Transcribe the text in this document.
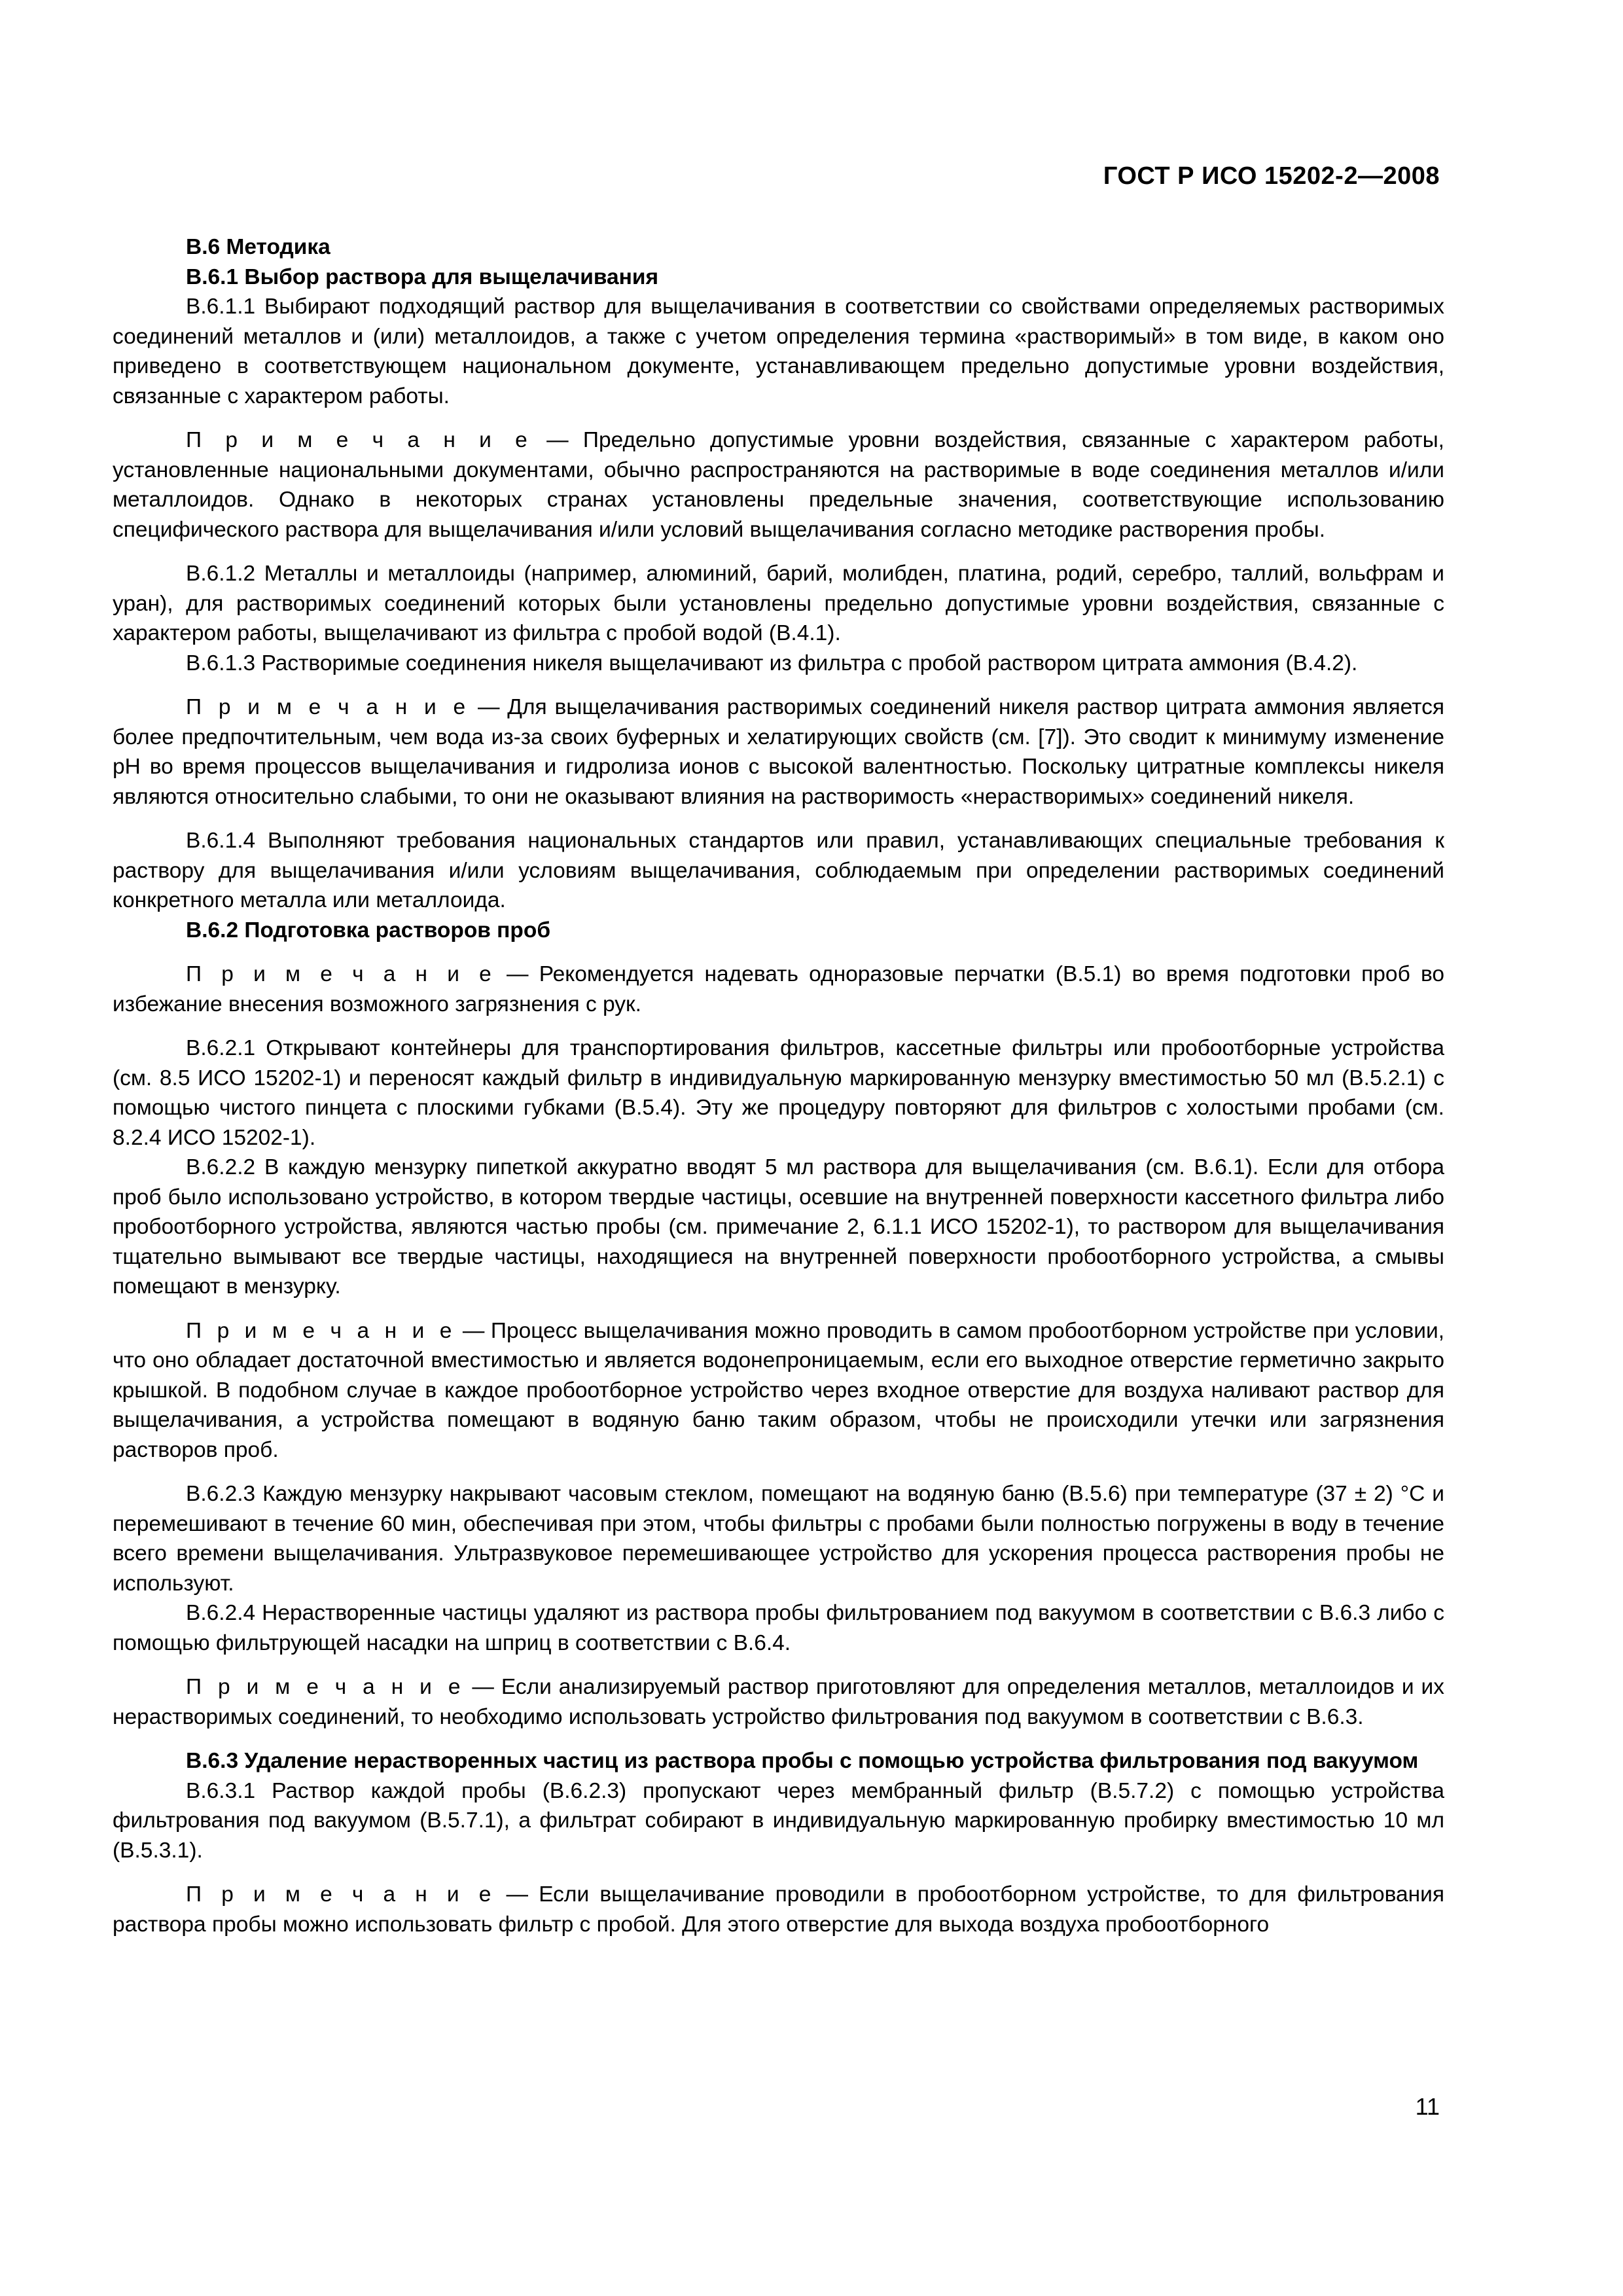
ГОСТ Р ИСО 15202-2—2008

B.6 Методика

B.6.1 Выбор раствора для выщелачивания

B.6.1.1 Выбирают подходящий раствор для выщелачивания в соответствии со свойствами определяемых растворимых соединений металлов и (или) металлоидов, а также с учетом определения термина «растворимый» в том виде, в каком оно приведено в соответствующем национальном документе, устанавливающем предельно допустимые уровни воздействия, связанные с характером работы.

П р и м е ч а н и е — Предельно допустимые уровни воздействия, связанные с характером работы, установленные национальными документами, обычно распространяются на растворимые в воде соединения металлов и/или металлоидов. Однако в некоторых странах установлены предельные значения, соответствующие использованию специфического раствора для выщелачивания и/или условий выщелачивания согласно методике растворения пробы.

B.6.1.2 Металлы и металлоиды (например, алюминий, барий, молибден, платина, родий, серебро, таллий, вольфрам и уран), для растворимых соединений которых были установлены предельно допустимые уровни воздействия, связанные с характером работы, выщелачивают из фильтра с пробой водой (B.4.1).

B.6.1.3 Растворимые соединения никеля выщелачивают из фильтра с пробой раствором цитрата аммония (B.4.2).

П р и м е ч а н и е — Для выщелачивания растворимых соединений никеля раствор цитрата аммония является более предпочтительным, чем вода из-за своих буферных и хелатирующих свойств (см. [7]). Это сводит к минимуму изменение pH во время процессов выщелачивания и гидролиза ионов с высокой валентностью. Поскольку цитратные комплексы никеля являются относительно слабыми, то они не оказывают влияния на растворимость «нерастворимых» соединений никеля.

B.6.1.4 Выполняют требования национальных стандартов или правил, устанавливающих специальные требования к раствору для выщелачивания и/или условиям выщелачивания, соблюдаемым при определении растворимых соединений конкретного металла или металлоида.

B.6.2 Подготовка растворов проб

П р и м е ч а н и е — Рекомендуется надевать одноразовые перчатки (B.5.1) во время подготовки проб во избежание внесения возможного загрязнения с рук.

B.6.2.1 Открывают контейнеры для транспортирования фильтров, кассетные фильтры или пробоотборные устройства (см. 8.5 ИСО 15202-1) и переносят каждый фильтр в индивидуальную маркированную мензурку вместимостью 50 мл (B.5.2.1) с помощью чистого пинцета с плоскими губками (B.5.4). Эту же процедуру повторяют для фильтров с холостыми пробами (см. 8.2.4 ИСО 15202-1).

B.6.2.2 В каждую мензурку пипеткой аккуратно вводят 5 мл раствора для выщелачивания (см. B.6.1). Если для отбора проб было использовано устройство, в котором твердые частицы, осевшие на внутренней поверхности кассетного фильтра либо пробоотборного устройства, являются частью пробы (см. примечание 2, 6.1.1 ИСО 15202-1), то раствором для выщелачивания тщательно вымывают все твердые частицы, находящиеся на внутренней поверхности пробоотборного устройства, а смывы помещают в мензурку.

П р и м е ч а н и е — Процесс выщелачивания можно проводить в самом пробоотборном устройстве при условии, что оно обладает достаточной вместимостью и является водонепроницаемым, если его выходное отверстие герметично закрыто крышкой. В подобном случае в каждое пробоотборное устройство через входное отверстие для воздуха наливают раствор для выщелачивания, а устройства помещают в водяную баню таким образом, чтобы не происходили утечки или загрязнения растворов проб.

B.6.2.3 Каждую мензурку накрывают часовым стеклом, помещают на водяную баню (B.5.6) при температуре (37 ± 2) °С и перемешивают в течение 60 мин, обеспечивая при этом, чтобы фильтры с пробами были полностью погружены в воду в течение всего времени выщелачивания. Ультразвуковое перемешивающее устройство для ускорения процесса растворения пробы не используют.

B.6.2.4 Нерастворенные частицы удаляют из раствора пробы фильтрованием под вакуумом в соответствии с B.6.3 либо с помощью фильтрующей насадки на шприц в соответствии с B.6.4.

П р и м е ч а н и е — Если анализируемый раствор приготовляют для определения металлов, металлоидов и их нерастворимых соединений, то необходимо использовать устройство фильтрования под вакуумом в соответствии с B.6.3.

B.6.3 Удаление нерастворенных частиц из раствора пробы с помощью устройства фильтрования под вакуумом

B.6.3.1 Раствор каждой пробы (B.6.2.3) пропускают через мембранный фильтр (B.5.7.2) с помощью устройства фильтрования под вакуумом (B.5.7.1), а фильтрат собирают в индивидуальную маркированную пробирку вместимостью 10 мл (B.5.3.1).

П р и м е ч а н и е — Если выщелачивание проводили в пробоотборном устройстве, то для фильтрования раствора пробы можно использовать фильтр с пробой. Для этого отверстие для выхода воздуха пробоотборного

11
